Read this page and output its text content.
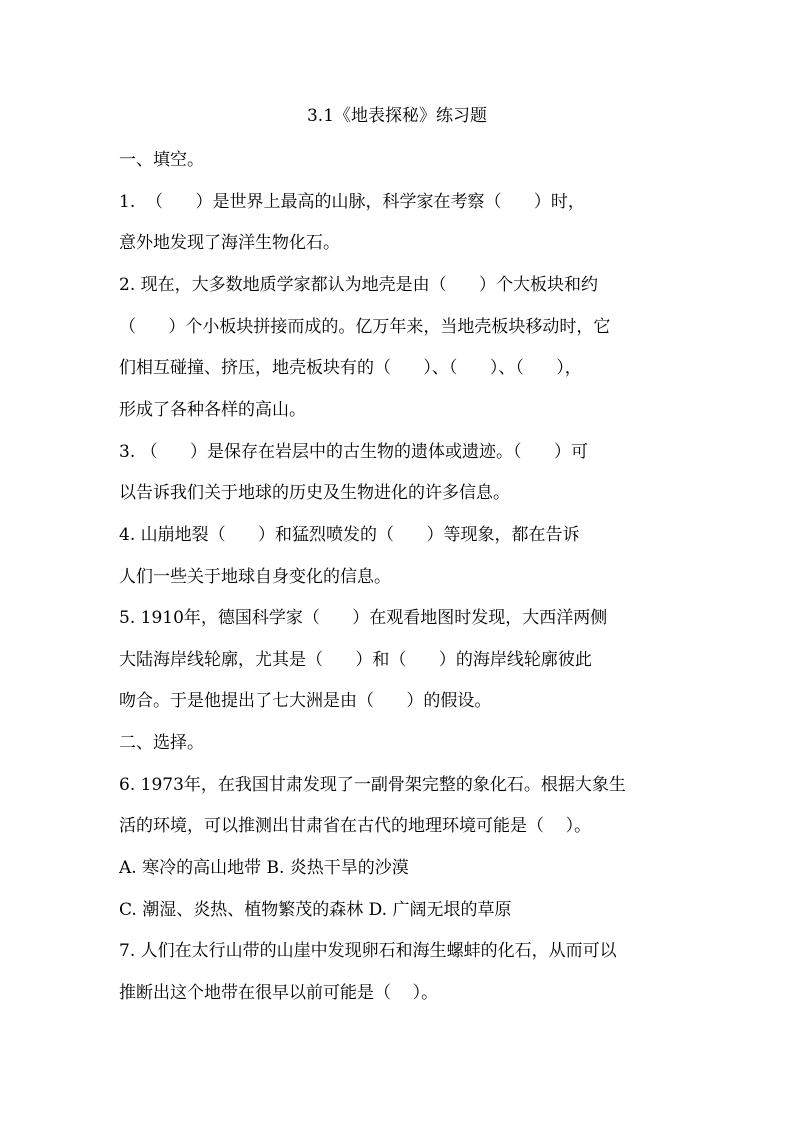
3.1《地表探秘》练习题
一、填空。
1.  （      ）是世界上最高的山脉，科学家在考察（      ）时，
意外地发现了海洋生物化石。
2. 现在，大多数地质学家都认为地壳是由（      ）个大板块和约
（      ）个小板块拼接而成的。亿万年来，当地壳板块移动时，它
们相互碰撞、挤压，地壳板块有的（      ）、（      ）、（      ），
形成了各种各样的高山。
3. （      ）是保存在岩层中的古生物的遗体或遗迹。（      ）可
以告诉我们关于地球的历史及生物进化的许多信息。
4. 山崩地裂（      ）和猛烈喷发的（      ）等现象，都在告诉
人们一些关于地球自身变化的信息。
5. 1910年，德国科学家（      ）在观看地图时发现，大西洋两侧
大陆海岸线轮廓，尤其是（      ）和（      ）的海岸线轮廓彼此
吻合。于是他提出了七大洲是由（      ）的假设。
二、选择。
6. 1973年，在我国甘肃发现了一副骨架完整的象化石。根据大象生
活的环境，可以推测出甘肃省在古代的地理环境可能是（    ）。
A. 寒冷的高山地带 B. 炎热干旱的沙漠
C. 潮湿、炎热、植物繁茂的森林 D. 广阔无垠的草原
7. 人们在太行山带的山崖中发现卵石和海生螺蚌的化石，从而可以
推断出这个地带在很早以前可能是（    ）。
